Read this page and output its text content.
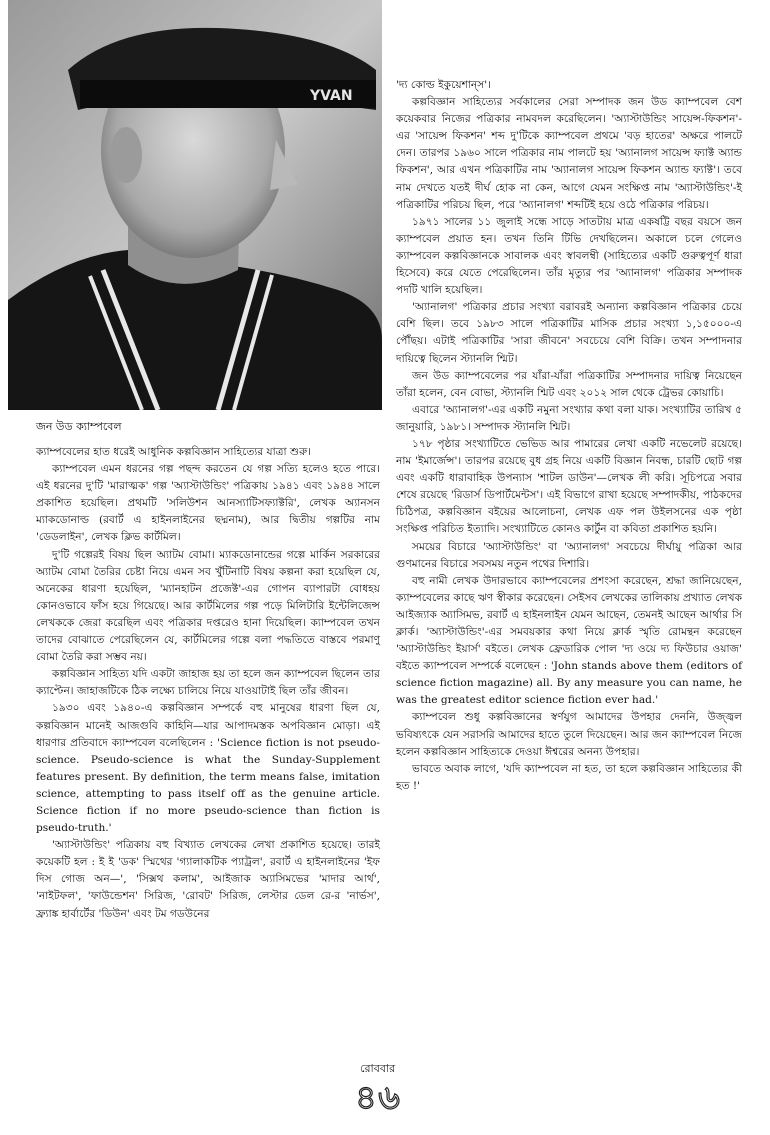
YVAN
জন উড ক্যাম্পবেল

ক্যাম্পবেলের হাত ধরেই আধুনিক কল্পবিজ্ঞান সাহিত্যের যাত্রা শুরু।

ক্যাম্পবেল এমন ধরনের গল্প পছন্দ করতেন যে গল্প সত্যি হলেও হতে পারে। এই ধরনের দু'টি 'মারাত্মক' গল্প 'অ্যাস্টাউন্ডিং' পত্রিকায় ১৯৪১ এবং ১৯৪৪ সালে প্রকাশিত হয়েছিল। প্রথমটি 'সলিউশন আনস্যাটিসফ্যাক্টরি', লেখক অ্যানসন ম্যাকডোনাল্ড (রবার্ট এ হাইনলাইনের ছদ্মনাম), আর দ্বিতীয় গল্পটির নাম 'ডেডলাইন', লেখক ক্লিভ কার্টমিল।

দু'টি গল্পেরই বিষয় ছিল অ্যাটম বোমা। ম্যাকডোনান্ডের গল্পে মার্কিন সরকারের অ্যাটম বোমা তৈরির চেষ্টা নিয়ে এমন সব খুঁটিনাটি বিষয় কল্পনা করা হয়েছিল যে, অনেকের ধারণা হয়েছিল, 'ম্যানহাটন প্রজেক্ট'-এর গোপন ব্যাপারটা বোধহয় কোনওভাবে ফাঁস হয়ে গিয়েছে। আর কার্টমিলের গল্প পড়ে মিলিটারি ইন্টেলিজেন্স লেখককে জেরা করেছিল এবং পত্রিকার দপ্তরেও হানা দিয়েছিল। ক্যাম্পবেল তখন তাদের বোঝাতে পেরেছিলেন যে, কার্টমিলের গল্পে বলা পদ্ধতিতে বাস্তবে পরমাণু বোমা তৈরি করা সম্ভব নয়।

কল্পবিজ্ঞান সাহিত্য যদি একটা জাহাজ হয় তা হলে জন ক্যাম্পবেল ছিলেন তার ক্যাপ্টেন। জাহাজটিকে ঠিক লক্ষ্যে চালিয়ে নিয়ে যাওয়াটাই ছিল তাঁর জীবন।

১৯৩০ এবং ১৯৪০-এ কল্পবিজ্ঞান সম্পর্কে বহু মানুষের ধারণা ছিল যে, কল্পবিজ্ঞান মানেই আজগুবি কাহিনি—যার আপাদমস্তক অপবিজ্ঞান মোড়া। এই ধারণার প্রতিবাদে ক্যাম্পবেল বলেছিলেন : 'Science fiction is not pseudo-science. Pseudo-science is what the Sunday-Supplement features present. By definition, the term means false, imitation science, attempting to pass itself off as the genuine article. Science fiction if no more pseudo-science than fiction is pseudo-truth.'

'অ্যাস্টাউন্ডিং' পত্রিকায় বহু বিখ্যাত লেখকের লেখা প্রকাশিত হয়েছে। তারই কয়েকটি হল : ই ই 'ডক' স্মিথের 'গ্যালাকটিক প্যাট্রল', রবার্ট এ হাইনলাইনের 'ইফ দিস গোজ অন—', 'সিক্সথ কলাম', আইজাক অ্যাসিমভের 'মাদার আর্থ', 'নাইটফল', 'ফাউন্ডেশন' সিরিজ, 'রোবট' সিরিজ, লেস্টার ডেল রে-র 'নার্ভস', ফ্র্যাঙ্ক হার্বার্টের 'ডিউন' এবং টম গডউনের

'দ্য কোল্ড ইকুয়েশান্‌স'।

কল্পবিজ্ঞান সাহিত্যের সর্বকালের সেরা সম্পাদক জন উড ক্যাম্পবেল বেশ কয়েকবার নিজের পত্রিকার নামবদল করেছিলেন। 'অ্যাস্টাউন্ডিং সায়েন্স-ফিকশন'-এর 'সায়েন্স ফিকশন' শব্দ দু'টিকে ক্যাম্পবেল প্রথমে 'বড় হাতের' অক্ষরে পালটে দেন। তারপর ১৯৬০ সালে পত্রিকার নাম পালটে হয় 'অ্যানালগ সায়েন্স ফ্যাক্ট অ্যান্ড ফিকশন', আর এখন পত্রিকাটির নাম 'অ্যানালগ সায়েন্স ফিকশন অ্যান্ড ফ্যাক্ট'। তবে নাম দেখতে যতই দীর্ঘ হোক না কেন, আগে যেমন সংক্ষিপ্ত নাম 'অ্যাস্টাউন্ডিং'-ই পত্রিকাটির পরিচয় ছিল, পরে 'অ্যানালগ' শব্দটিই হয়ে ওঠে পত্রিকার পরিচয়।

১৯৭১ সালের ১১ জুলাই সন্ধে সাড়ে সাতটায় মাত্র একষট্টি বছর বয়সে জন ক্যাম্পবেল প্রয়াত হন। তখন তিনি টিভি দেখছিলেন। অকালে চলে গেলেও ক্যাম্পবেল কল্পবিজ্ঞানকে সাবালক এবং স্বাবলম্বী (সাহিত্যের একটি গুরুত্বপূর্ণ ধারা হিসেবে) করে যেতে পেরেছিলেন। তাঁর মৃত্যুর পর 'অ্যানালগ' পত্রিকার সম্পাদক পদটি খালি হয়েছিল।

'অ্যানালগ' পত্রিকার প্রচার সংখ্যা বরাবরই অন্যান্য কল্পবিজ্ঞান পত্রিকার চেয়ে বেশি ছিল। তবে ১৯৮৩ সালে পত্রিকাটির মাসিক প্রচার সংখ্যা ১,১৫০০০-এ পৌঁছয়। এটাই পত্রিকাটির 'সারা জীবনে' সবচেয়ে বেশি বিক্রি। তখন সম্পাদনার দায়িত্বে ছিলেন স্ট্যানলি শ্মিট।

জন উড ক্যাম্পবেলের পর যাঁরা-যাঁরা পত্রিকাটির সম্পাদনার দায়িত্ব নিয়েছেন তাঁরা হলেন, বেন বোভা, স্ট্যানলি শ্মিট এবং ২০১২ সাল থেকে ট্রেভর কোয়াচি।

এবারে 'অ্যানালগ'-এর একটি নমুনা সংখ্যার কথা বলা যাক। সংখ্যাটির তারিখ ৫ জানুয়ারি, ১৯৮১। সম্পাদক স্ট্যানলি শ্মিট।

১৭৮ পৃষ্ঠার সংখ্যাটিতে ভেভিড আর পামারের লেখা একটি নভেলেট রয়েছে। নাম 'ইমার্জেন্স'। তারপর রয়েছে বুধ গ্রহ নিয়ে একটি বিজ্ঞান নিবন্ধ, চারটি ছোট গল্প এবং একটি ধারাবাহিক উপন্যাস 'শাটল ডাউন'—লেখক লী করি। সূচিপত্রে সবার শেষে রয়েছে 'রিডার্স ডিপার্টমেন্টস'। এই বিভাগে রাখা হয়েছে সম্পাদকীয়, পাঠকদের চিঠিপত্র, কল্পবিজ্ঞান বইয়ের আলোচনা, লেখক এফ পল উইলসনের এক পৃষ্ঠা সংক্ষিপ্ত পরিচিত ইত্যাদি। সংখ্যাটিতে কোনও কার্টুন বা কবিতা প্রকাশিত হয়নি।

সময়ের বিচারে 'অ্যাস্টাউন্ডিং' বা 'অ্যানালগ' সবচেয়ে দীর্ঘায়ু পত্রিকা আর গুণমানের বিচারে সবসময় নতুন পথের দিশারি।

বহু নামী লেখক উদারভাবে ক্যাম্পবেলের প্রশংসা করেছেন, শ্রদ্ধা জানিয়েছেন, ক্যাম্পবেলের কাছে ঋণ স্বীকার করেছেন। সেইসব লেখকের তালিকায় প্রখ্যাত লেখক আইজ্যাক অ্যাসিমভ, রবার্ট এ হাইনলাইন যেমন আছেন, তেমনই আছেন আর্থার সি ক্লার্ক। 'অ্যাস্টাউন্ডিং'-এর সমবয়কার কথা নিয়ে ক্লার্ক স্মৃতি রোমন্থন করেছেন 'অ্যাস্টাউন্ডিং ইয়ার্স' বইতে। লেখক ফ্রেডারিক পোল 'দ্য ওয়ে দ্য ফিউচার ওয়াজ' বইতে ক্যাম্পবেল সম্পর্কে বলেছেন : 'John stands above them (editors of science fiction magazine) all. By any measure you can name, he was the greatest editor science fiction ever had.'

ক্যাম্পবেল শুধু কল্পবিজ্ঞানের স্বর্ণযুগ আমাদের উপহার দেননি, উজ্জ্বল ভবিষ্যৎকে যেন সরাসরি আমাদের হাতে তুলে দিয়েছেন। আর জন ক্যাম্পবেল নিজে হলেন কল্পবিজ্ঞান সাহিত্যকে দেওয়া ঈশ্বরের অনন্য উপহার।

ভাবতে অবাক লাগে, 'যদি ক্যাম্পবেল না হত, তা হলে কল্পবিজ্ঞান সাহিত্যের কী হত !'

রোববার
৪৬
